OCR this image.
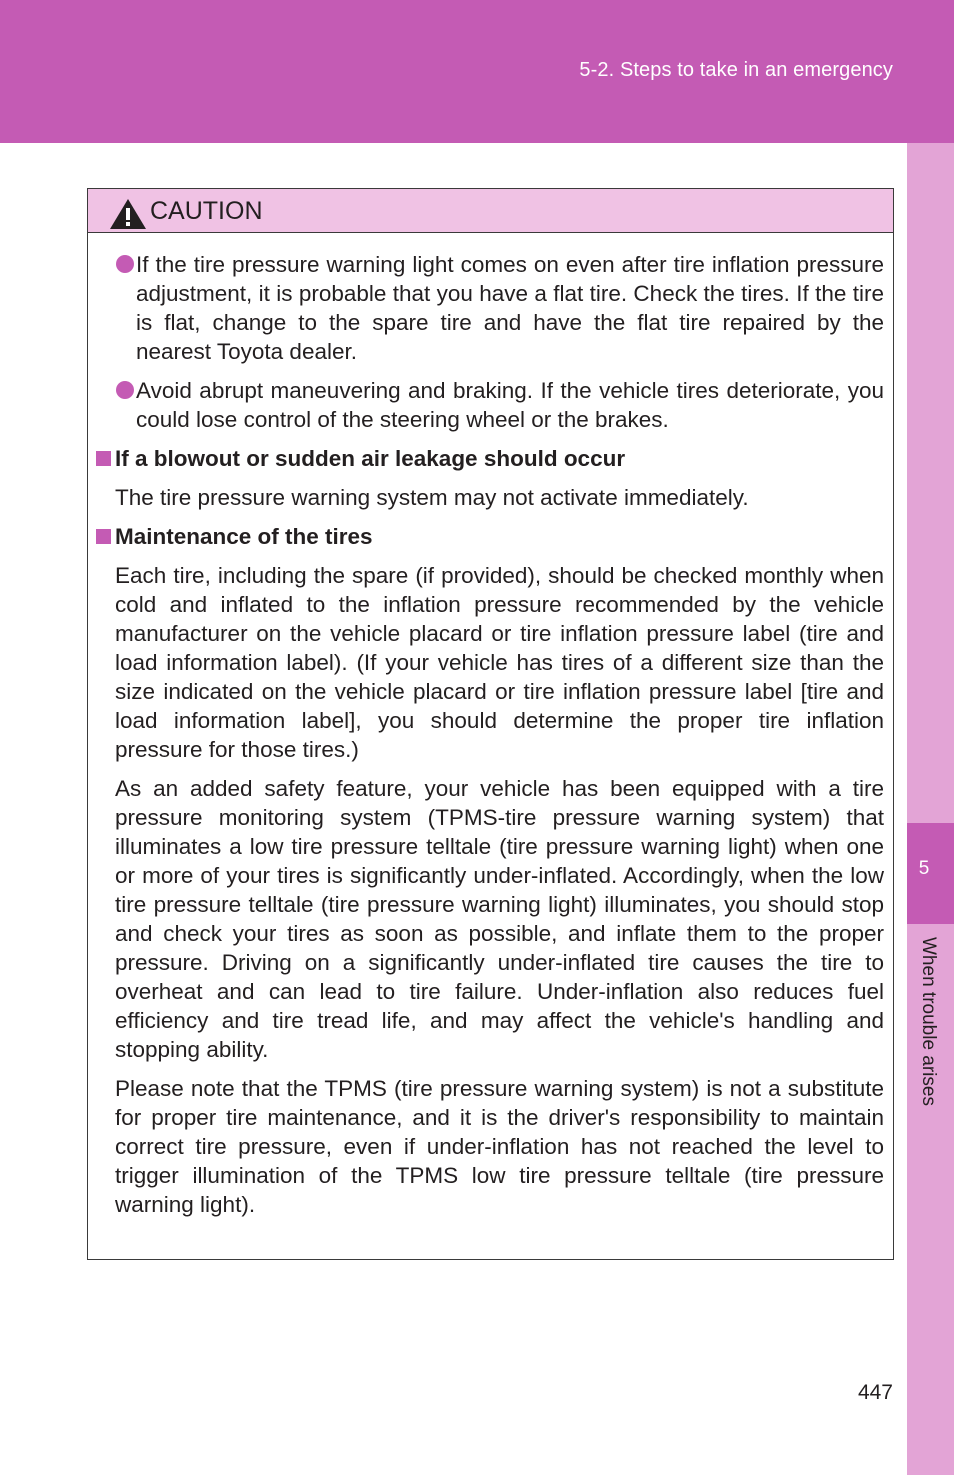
5-2. Steps to take in an emergency
5
When trouble arises
CAUTION
If the tire pressure warning light comes on even after tire inflation pressure adjustment, it is probable that you have a flat tire. Check the tires. If the tire is flat, change to the spare tire and have the flat tire repaired by the nearest Toyota dealer.
Avoid abrupt maneuvering and braking. If the vehicle tires deteriorate, you could lose control of the steering wheel or the brakes.
If a blowout or sudden air leakage should occur
The tire pressure warning system may not activate immediately.
Maintenance of the tires
Each tire, including the spare (if provided), should be checked monthly when cold and inflated to the inflation pressure recommended by the vehicle manufacturer on the vehicle placard or tire inflation pressure label (tire and load information label). (If your vehicle has tires of a different size than the size indicated on the vehicle placard or tire inflation pressure label [tire and load information label], you should determine the proper tire inflation pressure for those tires.)
As an added safety feature, your vehicle has been equipped with a tire pressure monitoring system (TPMS-tire pressure warning system) that illuminates a low tire pressure telltale (tire pressure warning light) when one or more of your tires is significantly under-inflated. Accordingly, when the low tire pressure telltale (tire pressure warning light) illuminates, you should stop and check your tires as soon as possible, and inflate them to the proper pressure. Driving on a significantly under-inflated tire causes the tire to overheat and can lead to tire failure. Under-inflation also reduces fuel efficiency and tire tread life, and may affect the vehicle's handling and stopping ability.
Please note that the TPMS (tire pressure warning system) is not a substitute for proper tire maintenance, and it is the driver's responsibility to maintain correct tire pressure, even if under-inflation has not reached the level to trigger illumination of the TPMS low tire pressure telltale (tire pressure warning light).
447
